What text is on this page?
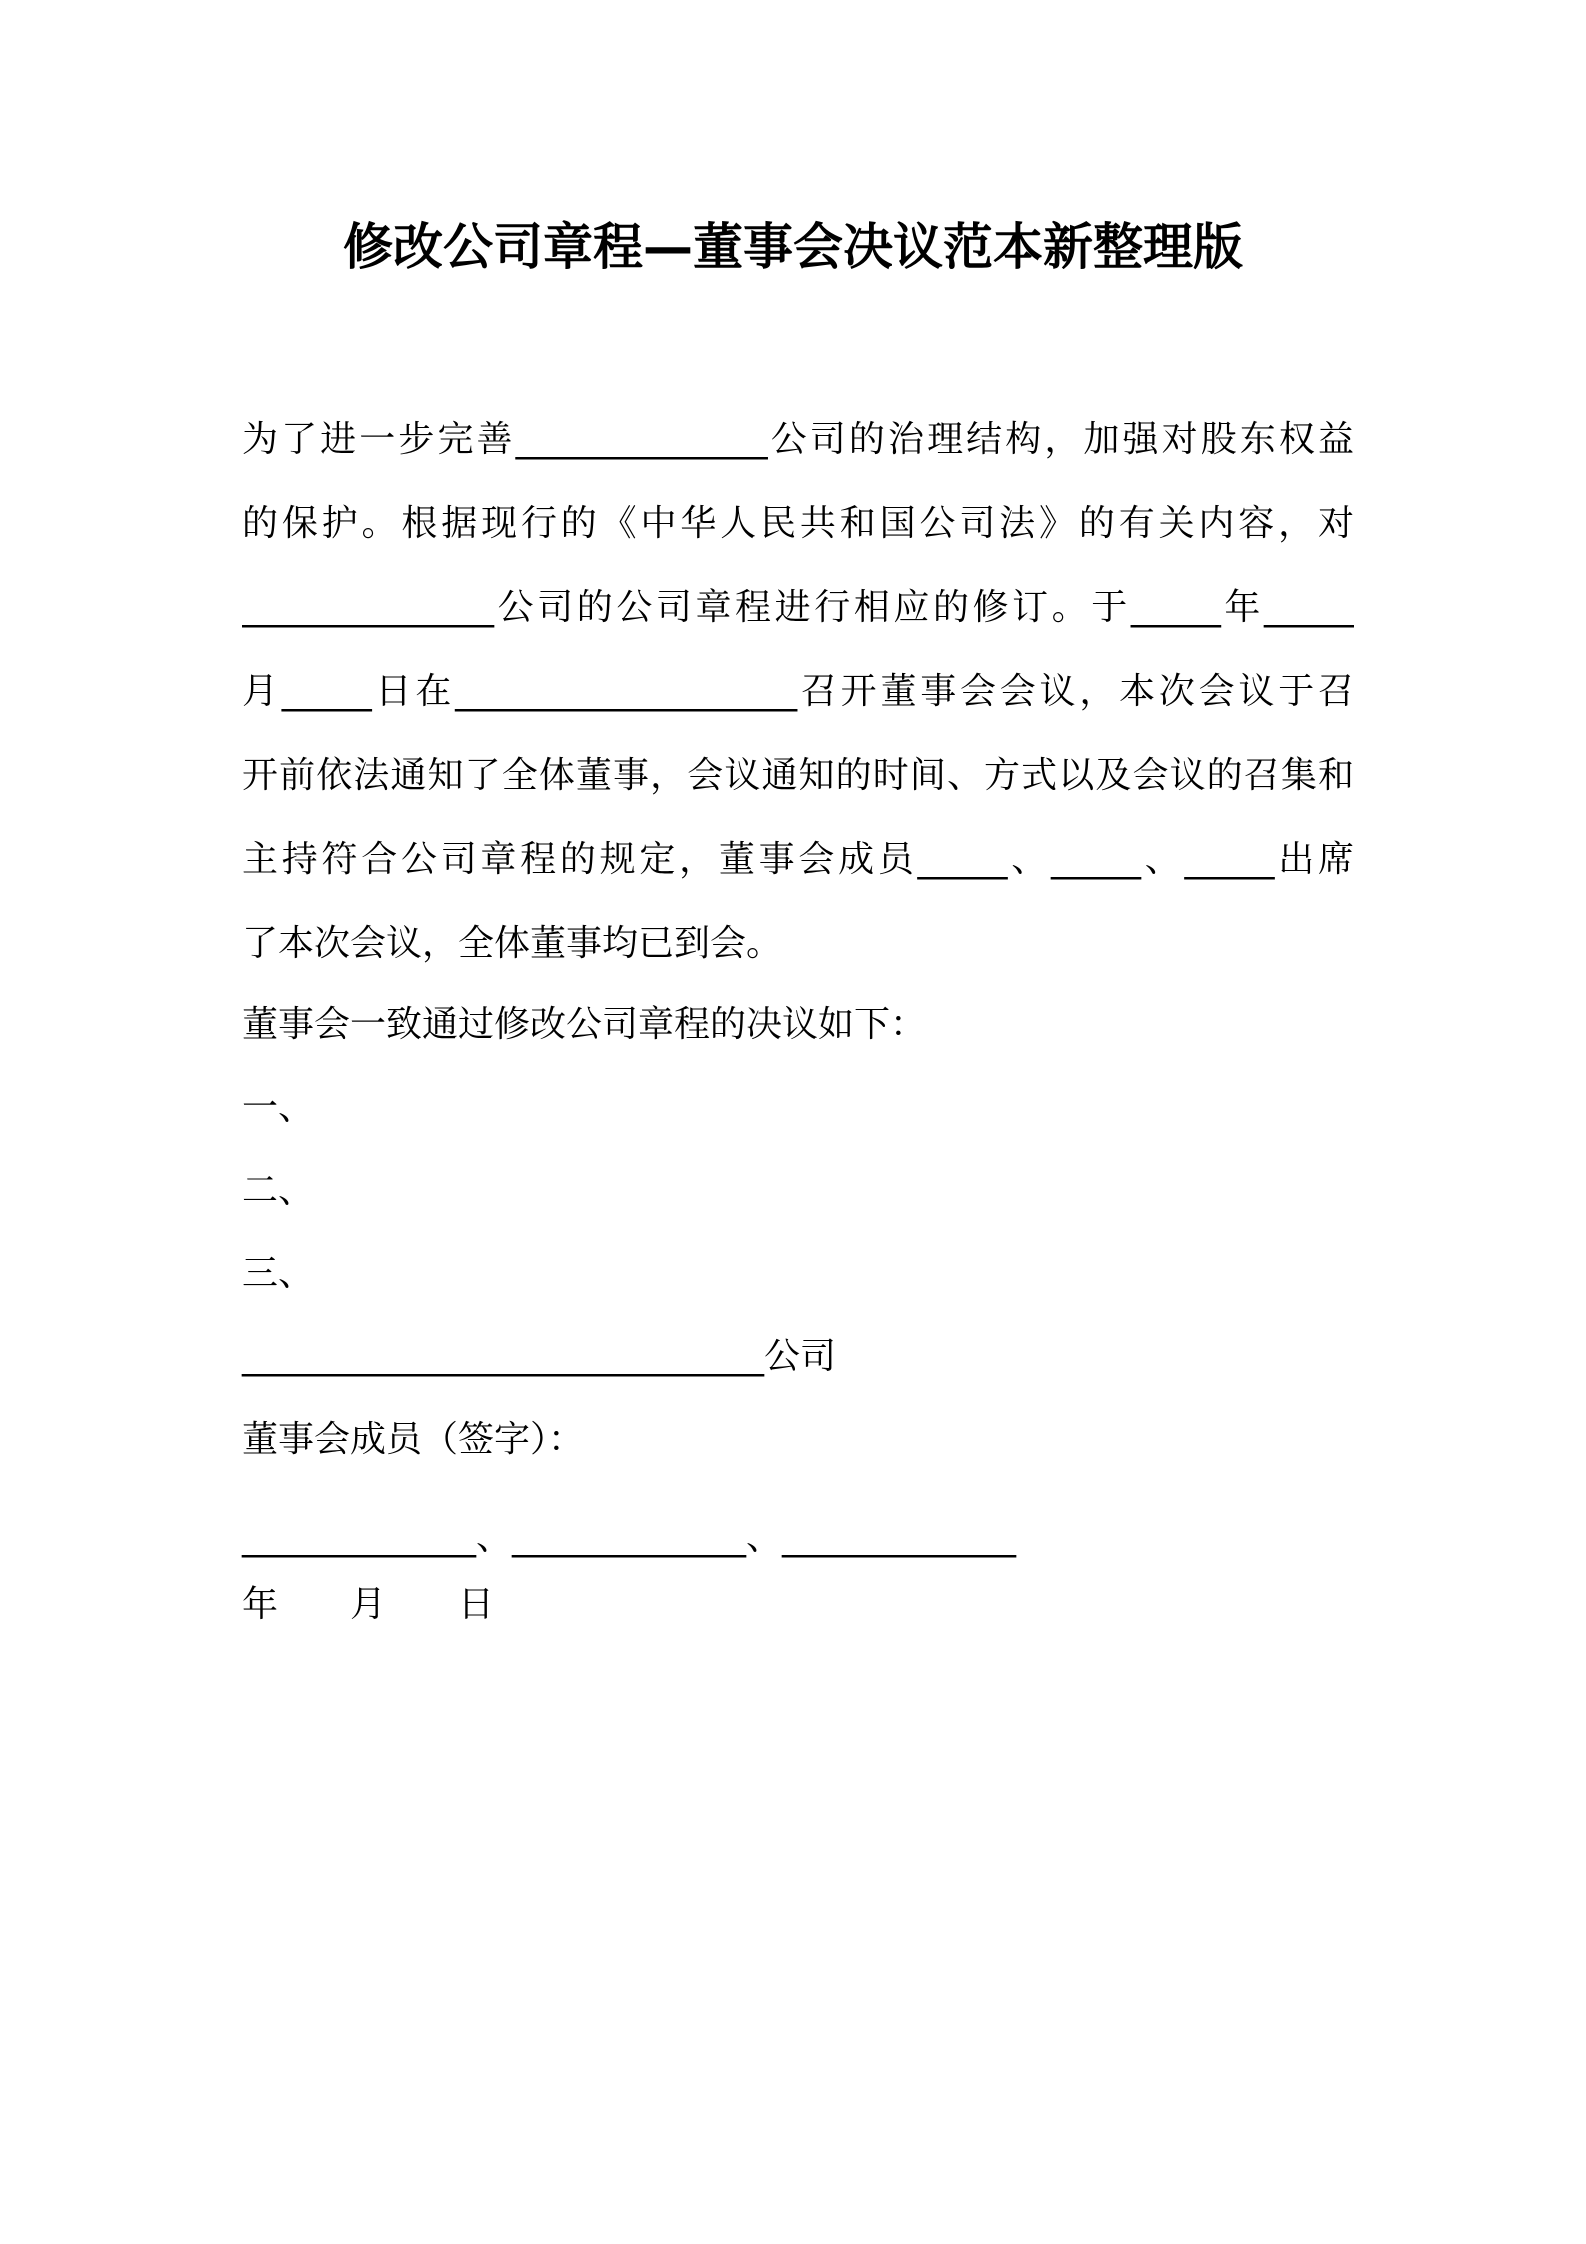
修改公司章程—董事会决议范本新整理版
为了进一步完善______________公司的治理结构，加强对股东权益
的保护。根据现行的《中华人民共和国公司法》的有关内容，对
______________公司的公司章程进行相应的修订。于_____年_____
月_____日在___________________召开董事会会议，本次会议于召
开前依法通知了全体董事，会议通知的时间、方式以及会议的召集和
主持符合公司章程的规定，董事会成员_____、_____、_____出席
了本次会议，全体董事均已到会。
董事会一致通过修改公司章程的决议如下：
一、
二、
三、
_____________________________公司
董事会成员（签字）：
_____________、_____________、_____________
年　　月　　日
